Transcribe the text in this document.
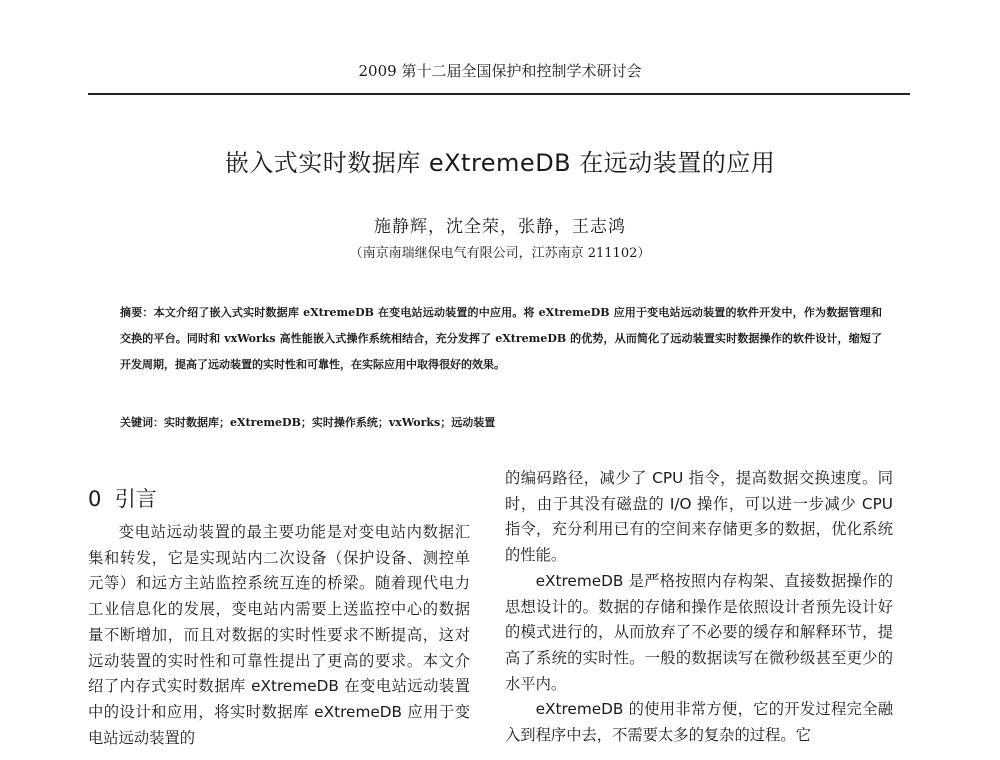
2009 第十二届全国保护和控制学术研讨会
嵌入式实时数据库 eXtremeDB 在远动装置的应用
施静辉，沈全荣，张静，王志鸿
（南京南瑞继保电气有限公司，江苏南京 211102）
摘要：本文介绍了嵌入式实时数据库 eXtremeDB 在变电站远动装置的中应用。将 eXtremeDB 应用于变电站远动装置的软件开发中，作为数据管理和交换的平台。同时和 vxWorks 高性能嵌入式操作系统相结合，充分发挥了 eXtremeDB 的优势，从而简化了远动装置实时数据操作的软件设计，缩短了开发周期，提高了远动装置的实时性和可靠性，在实际应用中取得很好的效果。
关键词：实时数据库；eXtremeDB；实时操作系统；vxWorks；远动装置
0 引言

变电站远动装置的最主要功能是对变电站内数据汇集和转发，它是实现站内二次设备（保护设备、测控单元等）和远方主站监控系统互连的桥梁。随着现代电力工业信息化的发展，变电站内需要上送监控中心的数据量不断增加，而且对数据的实时性要求不断提高，这对远动装置的实时性和可靠性提出了更高的要求。本文介绍了内存式实时数据库 eXtremeDB 在变电站远动装置中的设计和应用，将实时数据库 eXtremeDB 应用于变电站远动装置的

的编码路径，减少了 CPU 指令，提高数据交换速度。同时，由于其没有磁盘的 I/O 操作，可以进一步减少 CPU 指令，充分利用已有的空间来存储更多的数据，优化系统的性能。

eXtremeDB 是严格按照内存构架、直接数据操作的思想设计的。数据的存储和操作是依照设计者预先设计好的模式进行的，从而放弃了不必要的缓存和解释环节，提高了系统的实时性。一般的数据读写在微秒级甚至更少的水平内。

eXtremeDB 的使用非常方便，它的开发过程完全融入到程序中去，不需要太多的复杂的过程。它
